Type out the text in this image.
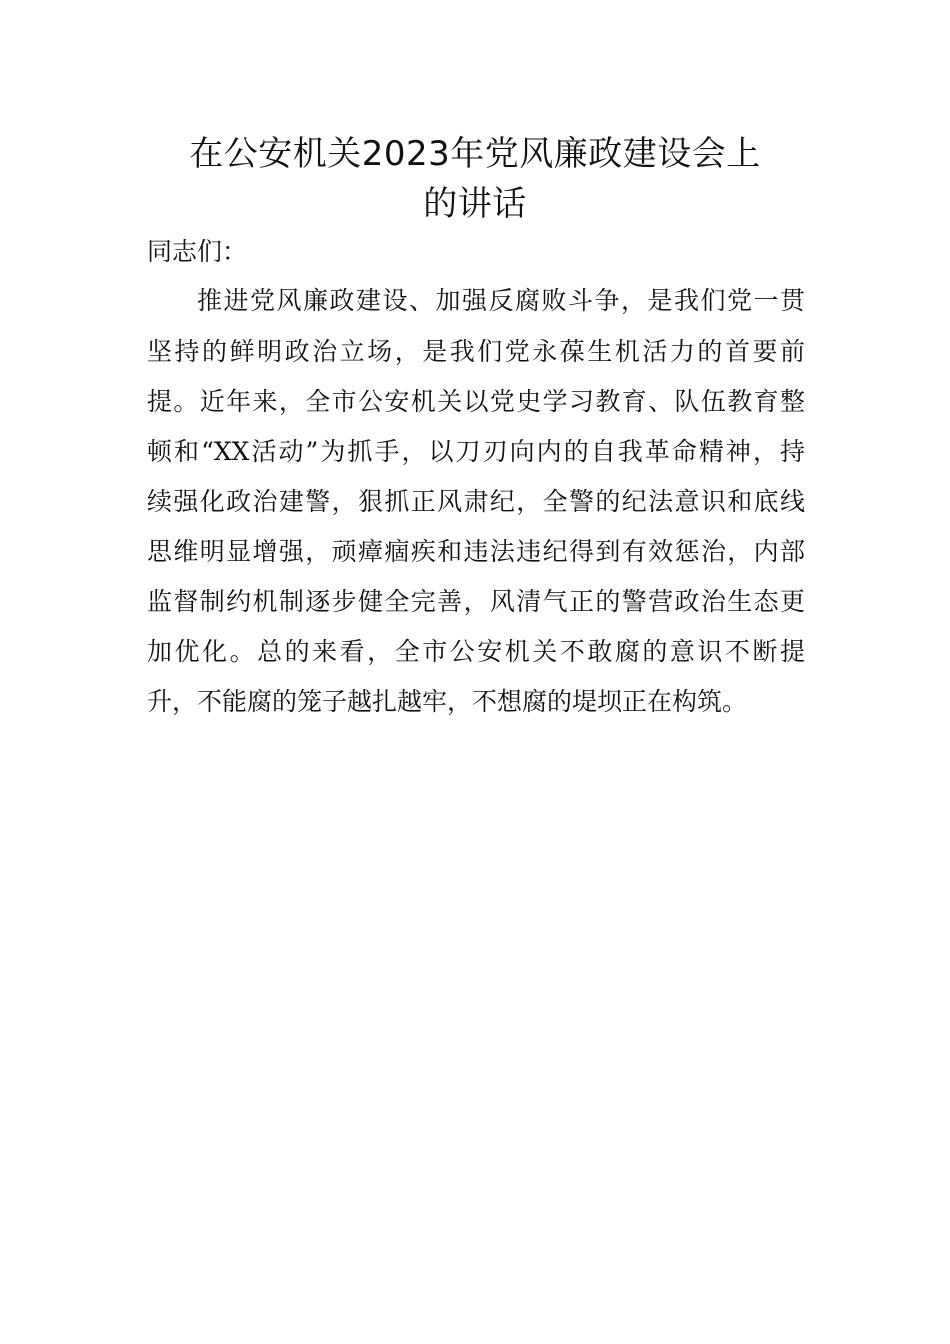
在公安机关2023年党风廉政建设会上
的讲话
同志们：
推进党风廉政建设、加强反腐败斗争，是我们党一贯
坚持的鲜明政治立场，是我们党永葆生机活力的首要前
提。近年来，全市公安机关以党史学习教育、队伍教育整
顿和“XX活动”为抓手，以刀刃向内的自我革命精神，持
续强化政治建警，狠抓正风肃纪，全警的纪法意识和底线
思维明显增强，顽瘴痼疾和违法违纪得到有效惩治，内部
监督制约机制逐步健全完善，风清气正的警营政治生态更
加优化。总的来看，全市公安机关不敢腐的意识不断提
升，不能腐的笼子越扎越牢，不想腐的堤坝正在构筑。
